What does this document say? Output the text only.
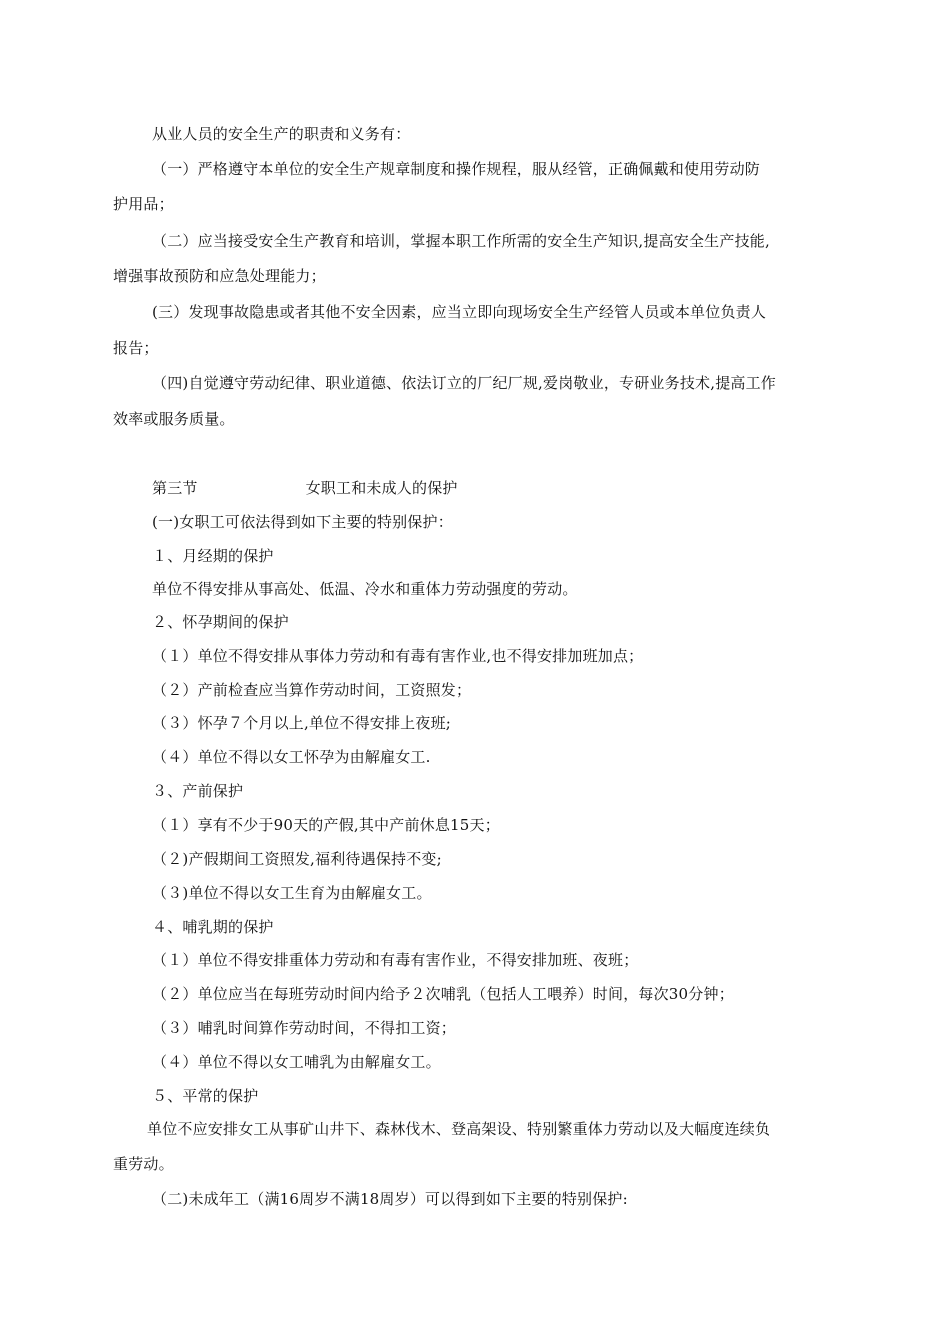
从业人员的安全生产的职责和义务有：
（一）严格遵守本单位的安全生产规章制度和操作规程，服从经管，正确佩戴和使用劳动防
护用品；
（二）应当接受安全生产教育和培训，掌握本职工作所需的安全生产知识,提高安全生产技能,
增强事故预防和应急处理能力；
(三）发现事故隐患或者其他不安全因素，应当立即向现场安全生产经管人员或本单位负责人
报告；
（四)自觉遵守劳动纪律、职业道德、依法订立的厂纪厂规,爱岗敬业，专研业务技术,提高工作
效率或服务质量。
第三节	女职工和未成人的保护
(一)女职工可依法得到如下主要的特别保护：
１、月经期的保护
单位不得安排从事高处、低温、冷水和重体力劳动强度的劳动。
２、怀孕期间的保护
（１）单位不得安排从事体力劳动和有毒有害作业,也不得安排加班加点；
（２）产前检查应当算作劳动时间，工资照发；
（３）怀孕７个月以上,单位不得安排上夜班;
（４）单位不得以女工怀孕为由解雇女工.
３、产前保护
（１）享有不少于90天的产假,其中产前休息15天；
（２)产假期间工资照发,福利待遇保持不变;
（３)单位不得以女工生育为由解雇女工。
４、哺乳期的保护
（１）单位不得安排重体力劳动和有毒有害作业，不得安排加班、夜班；
（２）单位应当在每班劳动时间内给予２次哺乳（包括人工喂养）时间，每次30分钟；
（３）哺乳时间算作劳动时间，不得扣工资；
（４）单位不得以女工哺乳为由解雇女工。
５、平常的保护
单位不应安排女工从事矿山井下、森林伐木、登高架设、特别繁重体力劳动以及大幅度连续负
重劳动。
（二)未成年工（满16周岁不满18周岁）可以得到如下主要的特别保护:
